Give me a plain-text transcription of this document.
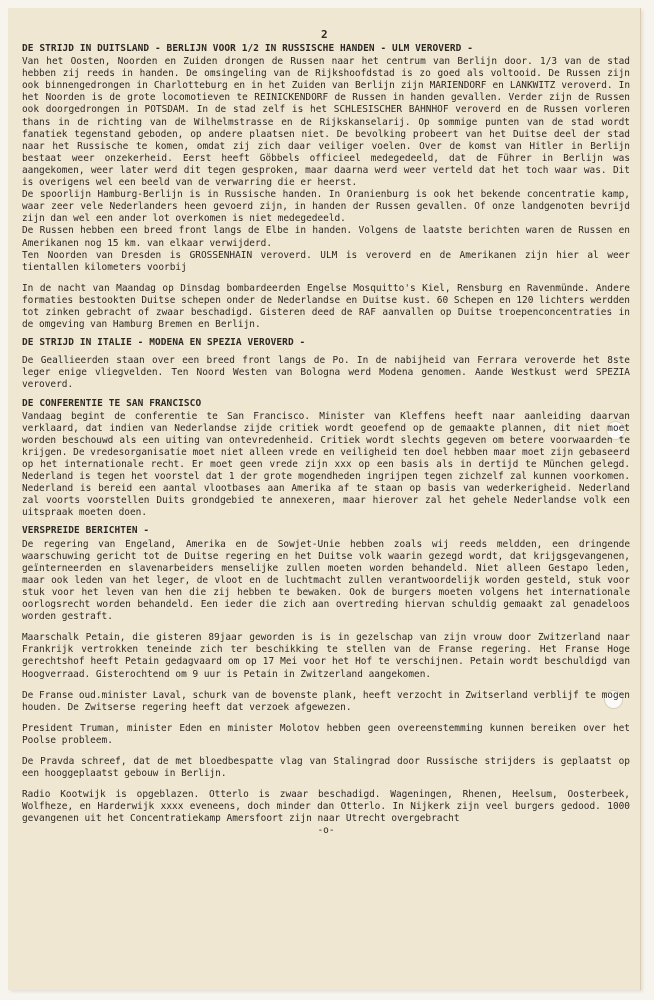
2
DE STRIJD IN DUITSLAND - BERLIJN VOOR 1/2 IN RUSSISCHE HANDEN - ULM VEROVERD -

Van het Oosten, Noorden en Zuiden drongen de Russen naar het centrum van Berlijn door. 1/3 van de stad hebben zij reeds in handen. De omsingeling van de Rijkshoofdstad is zo goed als voltooid. De Russen zijn ook binnengedrongen in Charlotteburg en in het Zuiden van Berlijn zijn MARIENDORF en LANKWITZ veroverd. In het Noorden is de grote locomotieven te REINICKENDORF de Russen in handen gevallen. Verder zijn de Russen ook doorgedrongen in POTSDAM. In de stad zelf is het SCHLESISCHER BAHNHOF veroverd en de Russen vorleren thans in de richting van de Wilhelmstrasse en de Rijkskanselarij. Op sommige punten van de stad wordt fanatiek tegenstand geboden, op andere plaatsen niet. De bevolking probeert van het Duitse deel der stad naar het Russische te komen, omdat zij zich daar veiliger voelen. Over de komst van Hitler in Berlijn bestaat weer onzekerheid. Eerst heeft Göbbels officieel medegedeeld, dat de Führer in Berlijn was aangekomen, weer later werd dit tegen gesproken, maar daarna werd weer verteld dat het toch waar was. Dit is overigens wel een beeld van de verwarring die er heerst.

De spoorlijn Hamburg-Berlijn is in Russische handen. In Oranienburg is ook het bekende concentratie kamp, waar zeer vele Nederlanders heen gevoerd zijn, in handen der Russen gevallen. Of onze landgenoten bevrijd zijn dan wel een ander lot overkomen is niet medegedeeld.

De Russen hebben een breed front langs de Elbe in handen. Volgens de laatste berichten waren de Russen en Amerikanen nog 15 km. van elkaar verwijderd.

Ten Noorden van Dresden is GROSSENHAIN veroverd. ULM is veroverd en de Amerikanen zijn hier al weer tientallen kilometers voorbij

In de nacht van Maandag op Dinsdag bombardeerden Engelse Mosquitto's Kiel, Rensburg en Ravenmünde. Andere formaties bestookten Duitse schepen onder de Nederlandse en Duitse kust. 60 Schepen en 120 lichters werdden tot zinken gebracht of zwaar beschadigd. Gisteren deed de RAF aanvallen op Duitse troepenconcentraties in de omgeving van Hamburg Bremen en Berlijn.

DE STRIJD IN ITALIE - MODENA EN SPEZIA VEROVERD -

De Geallieerden staan over een breed front langs de Po. In de nabijheid van Ferrara veroverde het 8ste leger enige vliegvelden. Ten Noord Westen van Bologna werd Modena genomen. Aande Westkust werd SPEZIA veroverd.

DE CONFERENTIE TE SAN FRANCISCO

Vandaag begint de conferentie te San Francisco. Minister van Kleffens heeft naar aanleiding daarvan verklaard, dat indien van Nederlandse zijde critiek wordt geoefend op de gemaakte plannen, dit niet moet worden beschouwd als een uiting van ontevredenheid. Critiek wordt slechts gegeven om betere voorwaarden te krijgen. De vredesorganisatie moet niet alleen vrede en veiligheid ten doel hebben maar moet zijn gebaseerd op het internationale recht. Er moet geen vrede zijn xxx op een basis als in dertijd te München gelegd. Nederland is tegen het voorstel dat 1 der grote mogendheden ingrijpen tegen zichzelf zal kunnen voorkomen. Nederland is bereid een aantal vlootbases aan Amerika af te staan op basis van wederkerigheid. Nederland zal voorts voorstellen Duits grondgebied te annexeren, maar hierover zal het gehele Nederlandse volk een uitspraak moeten doen.

VERSPREIDE BERICHTEN -

De regering van Engeland, Amerika en de Sowjet-Unie hebben zoals wij reeds meldden, een dringende waarschuwing gericht tot de Duitse regering en het Duitse volk waarin gezegd wordt, dat krijgsgevangenen, geïnterneerden en slavenarbeiders menselijke zullen moeten worden behandeld. Niet alleen Gestapo leden, maar ook leden van het leger, de vloot en de luchtmacht zullen verantwoordelijk worden gesteld, stuk voor stuk voor het leven van hen die zij hebben te bewaken. Ook de burgers moeten volgens het internationale oorlogsrecht worden behandeld. Een ieder die zich aan overtreding hiervan schuldig gemaakt zal genadeloos worden gestraft.

Maarschalk Petain, die gisteren 89jaar geworden is is in gezelschap van zijn vrouw door Zwitzerland naar Frankrijk vertrokken teneinde zich ter beschikking te stellen van de Franse regering. Het Franse Hoge gerechtshof heeft Petain gedagvaard om op 17 Mei voor het Hof te verschijnen. Petain wordt beschuldigd van Hoogverraad. Gisterochtend om 9 uur is Petain in Zwitzerland aangekomen.

De Franse oud.minister Laval, schurk van de bovenste plank, heeft verzocht in Zwitserland verblijf te mogen houden. De Zwitserse regering heeft dat verzoek afgewezen.

President Truman, minister Eden en minister Molotov hebben geen overeenstemming kunnen bereiken over het Poolse probleem.

De Pravda schreef, dat de met bloedbespatte vlag van Stalingrad door Russische strijders is geplaatst op een hooggeplaatst gebouw in Berlijn.

Radio Kootwijk is opgeblazen. Otterlo is zwaar beschadigd. Wageningen, Rhenen, Heelsum, Oosterbeek, Wolfheze, en Harderwijk xxxx eveneens, doch minder dan Otterlo. In Nijkerk zijn veel burgers gedood. 1000 gevangenen uit het Concentratiekamp Amersfoort zijn naar Utrecht overgebracht

-o-
